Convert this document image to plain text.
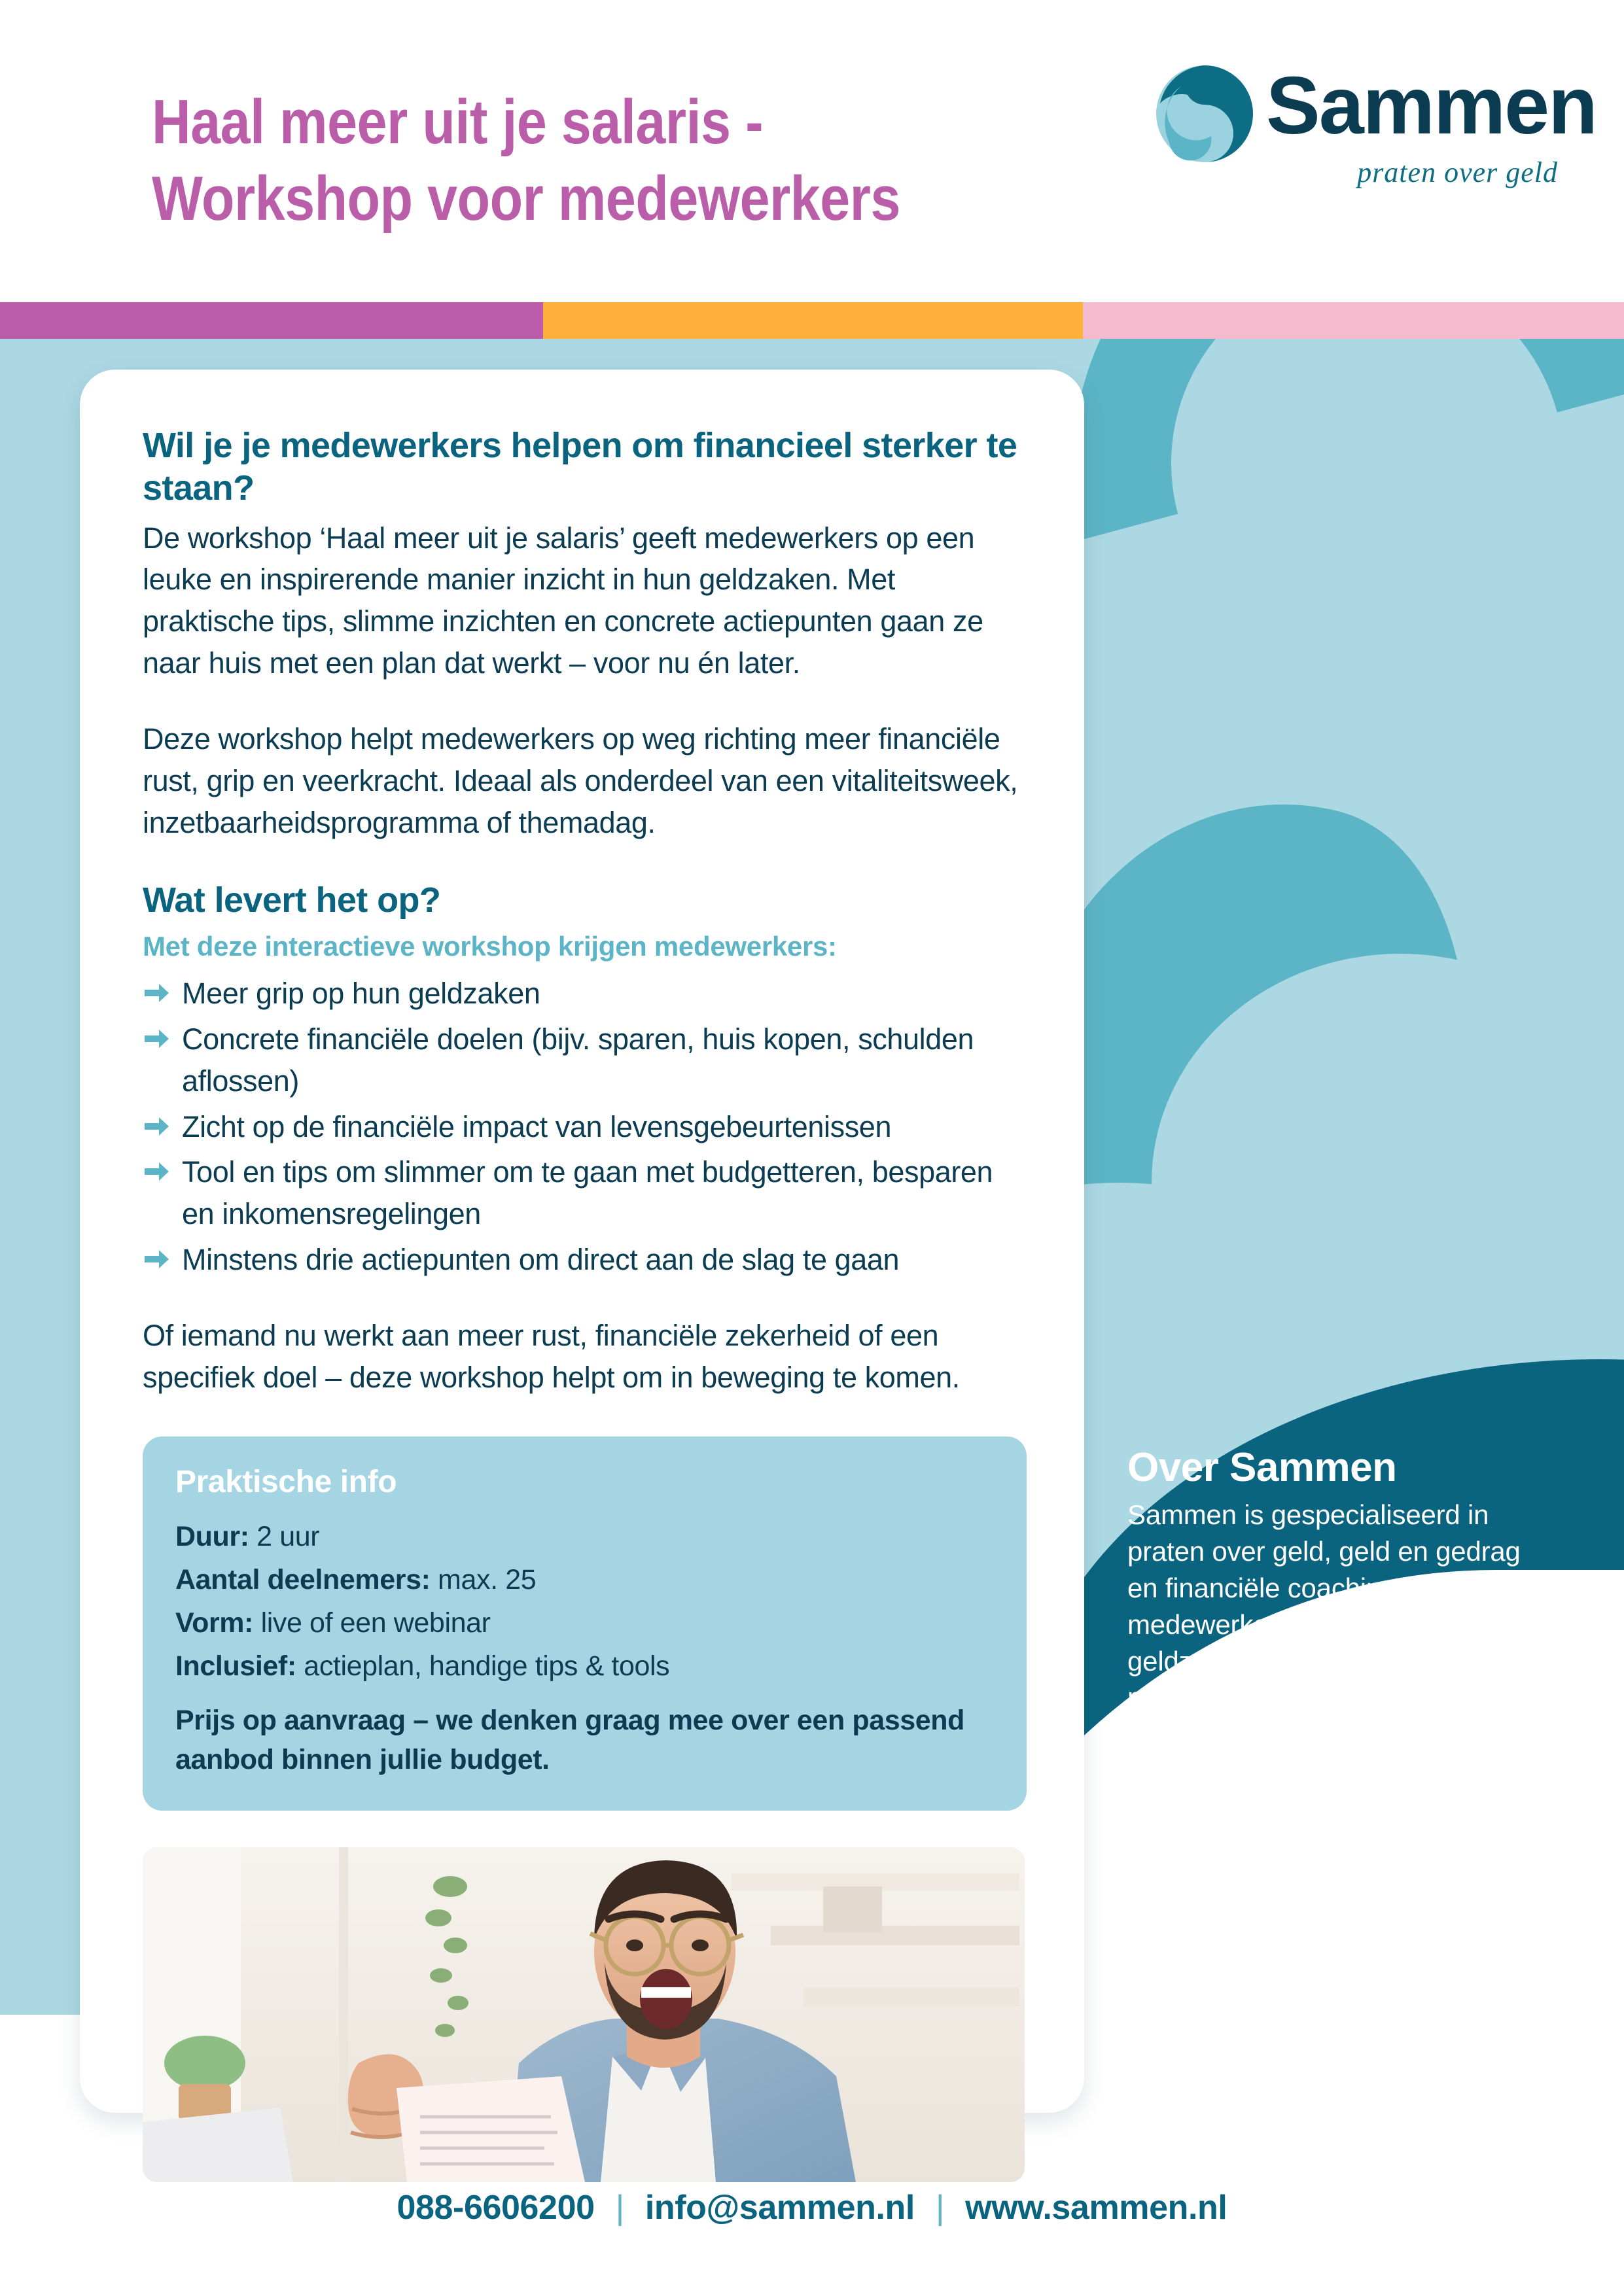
Haal meer uit je salaris -
Workshop voor medewerkers
Sammen
praten over geld
Wil je je medewerkers helpen om financieel sterker te staan?
De workshop ‘Haal meer uit je salaris’ geeft medewerkers op een leuke en inspirerende manier inzicht in hun geldzaken. Met praktische tips, slimme inzichten en concrete actiepunten gaan ze naar huis met een plan dat werkt – voor nu én later.
Deze workshop helpt medewerkers op weg richting meer financiële rust, grip en veerkracht. Ideaal als onderdeel van een vitaliteitsweek, inzetbaarheidsprogramma of themadag.
Wat levert het op?
Met deze interactieve workshop krijgen medewerkers:
Meer grip op hun geldzaken
Concrete financiële doelen (bijv. sparen, huis kopen, schulden aflossen)
Zicht op de financiële impact van levensgebeurtenissen
Tool en tips om slimmer om te gaan met budgetteren, besparen en inkomensregelingen
Minstens drie actiepunten om direct aan de slag te gaan
Of iemand nu werkt aan meer rust, financiële zekerheid of een specifiek doel – deze workshop helpt om in beweging te komen.
Praktische info
Duur: 2 uur
Aantal deelnemers: max. 25
Vorm: live of een webinar
Inclusief: actieplan, handige tips & tools
Prijs op aanvraag – we denken graag mee over een passend aanbod binnen jullie budget.
Over Sammen

Sammen is gespecialiseerd in praten over geld, geld en gedrag en financiële coaching. Wij helpen medewerkers én organisaties om geldzaken bespreekbaar te maken.

Met een persoonlijke benadering, praktische tools en een heldere focus: financieel fitte en duurzaam inzetbare medewerkers.

088-6606200 | info@sammen.nl | www.sammen.nl
